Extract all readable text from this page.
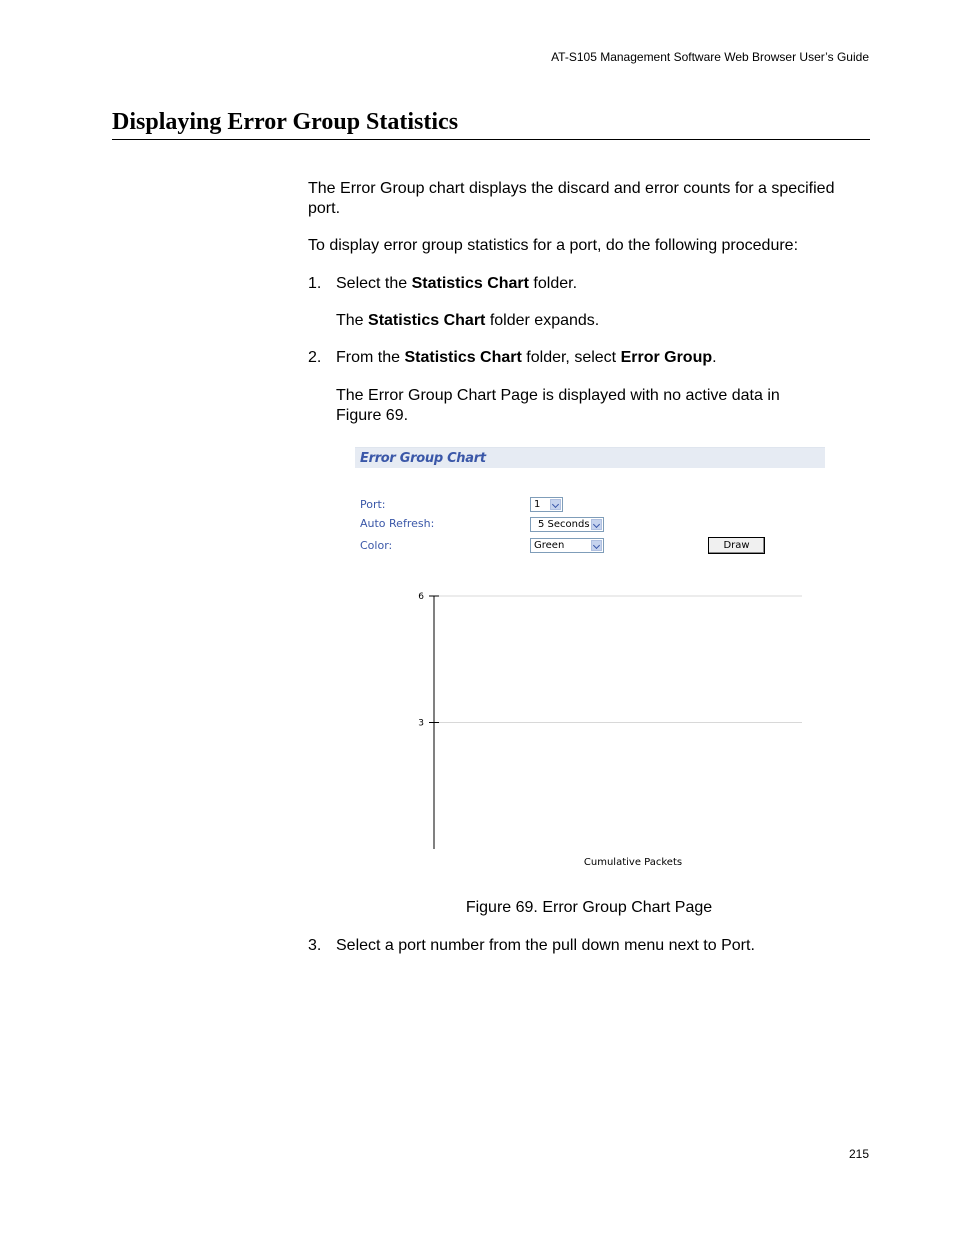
AT-S105 Management Software Web Browser User’s Guide
Displaying Error Group Statistics

The Error Group chart displays the discard and error counts for a specified port.

To display error group statistics for a port, do the following procedure:

1. Select the Statistics Chart folder.
The Statistics Chart folder expands.
2. From the Statistics Chart folder, select Error Group.
The Error Group Chart Page is displayed with no active data in Figure 69.
Error Group Chart
Port:	1
Auto Refresh:	5 Seconds
Color:	Green	Draw
3
6
Cumulative Packets
Figure 69. Error Group Chart Page
3. Select a port number from the pull down menu next to Port.
215
